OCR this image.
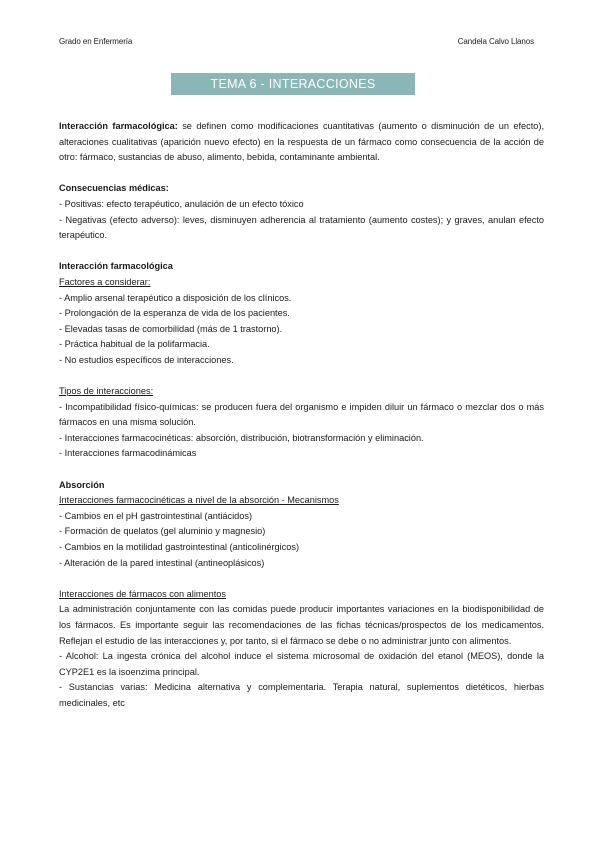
Grado en Enfermería	Candela Calvo Llanos
TEMA 6 - INTERACCIONES MEDICAMENTOSAS

Interacción farmacológica: se definen como modificaciones cuantitativas (aumento o disminución de un efecto), alteraciones cualitativas (aparición nuevo efecto) en la respuesta de un fármaco como consecuencia de la acción de otro: fármaco, sustancias de abuso, alimento, bebida, contaminante ambiental.

Consecuencias médicas:

- Positivas: efecto terapéutico, anulación de un efecto tóxico

- Negativas (efecto adverso): leves, disminuyen adherencia al tratamiento (aumento costes); y graves, anulan efecto terapéutico.

Interacción farmacológica

Factores a considerar:

- Amplio arsenal terapéutico a disposición de los clínicos.

- Prolongación de la esperanza de vida de los pacientes.

- Elevadas tasas de comorbilidad (más de 1 trastorno).

- Práctica habitual de la polifarmacia.

- No estudios específicos de interacciones.

Tipos de interacciones:

- Incompatibilidad físico-químicas: se producen fuera del organismo e impiden diluir un fármaco o mezclar dos o más fármacos en una misma solución.

- Interacciones farmacocinéticas: absorción, distribución, biotransformación y eliminación.

- Interacciones farmacodinámicas

Absorción

Interacciones farmacocinéticas a nivel de la absorción - Mecanismos

- Cambios en el pH gastrointestinal (antiácidos)

- Formación de quelatos (gel aluminio y magnesio)

- Cambios en la motilidad gastrointestinal (anticolinérgicos)

- Alteración de la pared intestinal (antineoplásicos)

Interacciones de fármacos con alimentos

La administración conjuntamente con las comidas puede producir importantes variaciones en la biodisponibilidad de los fármacos. Es importante seguir las recomendaciones de las fichas técnicas/prospectos de los medicamentos. Reflejan el estudio de las interacciones y, por tanto, si el fármaco se debe o no administrar junto con alimentos.

- Alcohol: La ingesta crónica del alcohol induce el sistema microsomal de oxidación del etanol (MEOS), donde la CYP2E1 es la isoenzima principal.

- Sustancias varias: Medicina alternativa y complementaria. Terapia natural, suplementos dietéticos, hierbas medicinales, etc
